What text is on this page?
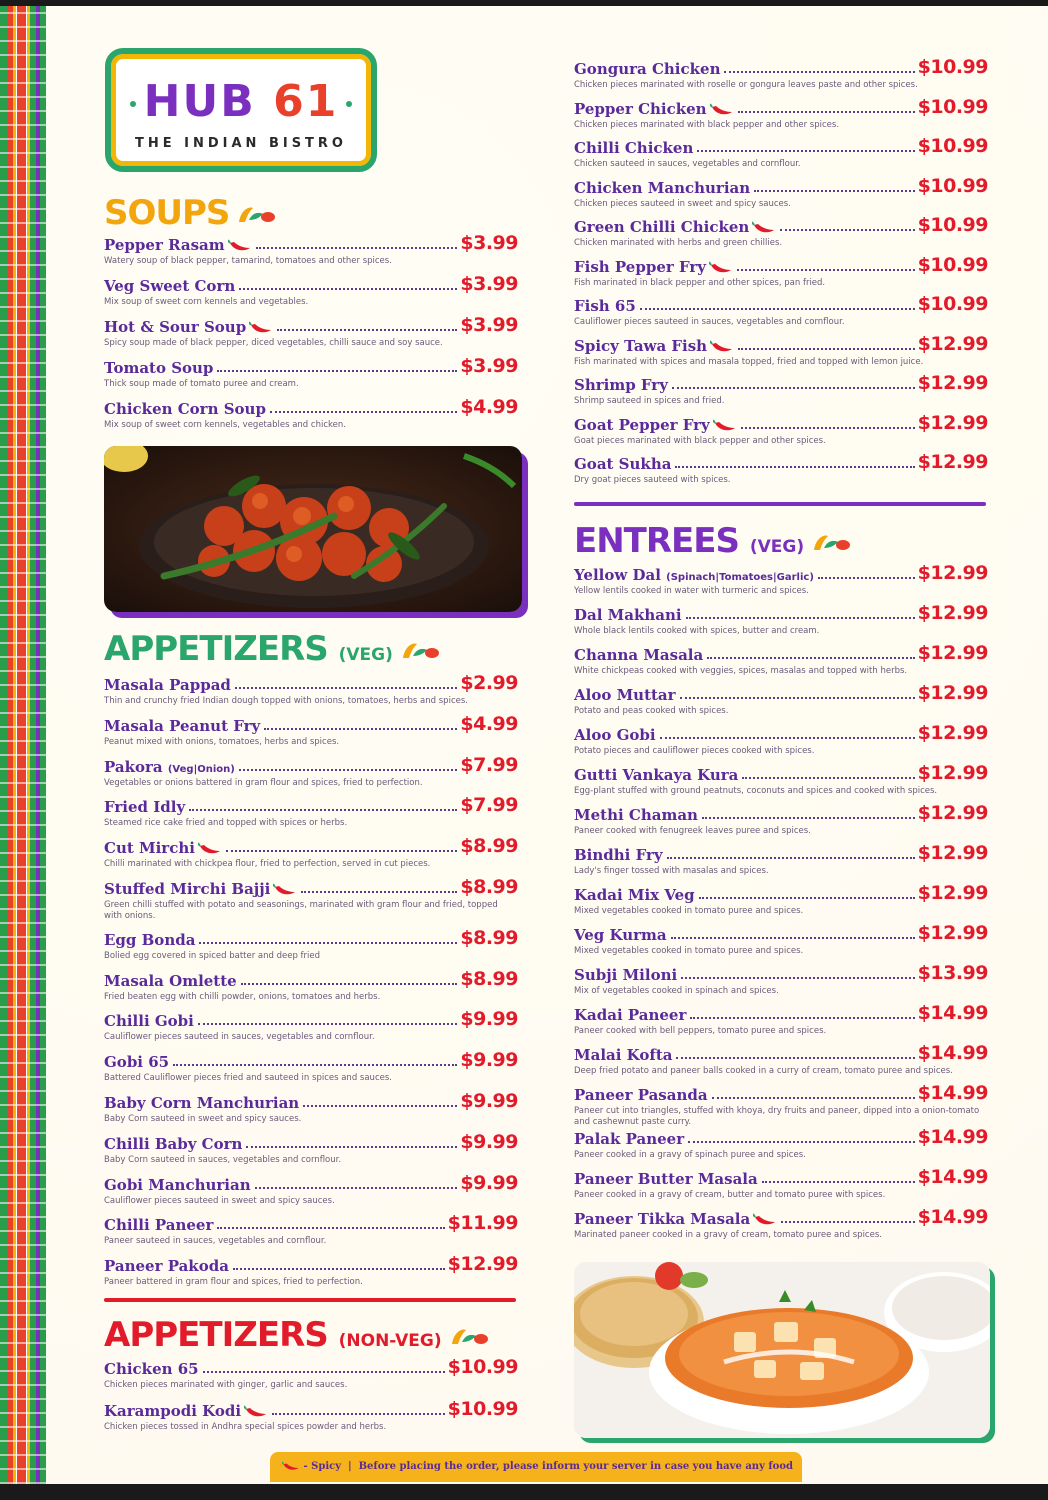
HUB 61
THE INDIAN BISTRO
SOUPS
APPETIZERS (VEG)
APPETIZERS (NON-VEG)
ENTREES (VEG)
Pepper Rasam	$3.99
Watery soup of black pepper, tamarind, tomatoes and other spices.
Veg Sweet Corn	$3.99
Mix soup of sweet corn kennels and vegetables.
Hot & Sour Soup	$3.99
Spicy soup made of black pepper, diced vegetables, chilli sauce and soy sauce.
Tomato Soup	$3.99
Thick soup made of tomato puree and cream.
Chicken Corn Soup	$4.99
Mix soup of sweet corn kennels, vegetables and chicken.
Masala Pappad	$2.99
Thin and crunchy fried Indian dough topped with onions, tomatoes, herbs and spices.
Masala Peanut Fry	$4.99
Peanut mixed with onions, tomatoes, herbs and spices.
Pakora (Veg|Onion)	$7.99
Vegetables or onions battered in gram flour and spices, fried to perfection.
Fried Idly	$7.99
Steamed rice cake fried and topped with spices or herbs.
Cut Mirchi	$8.99
Chilli marinated with chickpea flour, fried to perfection, served in cut pieces.
Stuffed Mirchi Bajji	$8.99
Green chilli stuffed with potato and seasonings, marinated with gram flour and fried, topped with onions.
Egg Bonda	$8.99
Bolied egg covered in spiced batter and deep fried
Masala Omlette	$8.99
Fried beaten egg with chilli powder, onions, tomatoes and herbs.
Chilli Gobi	$9.99
Cauliflower pieces sauteed in sauces, vegetables and cornflour.
Gobi 65	$9.99
Battered Cauliflower pieces fried and sauteed in spices and sauces.
Baby Corn Manchurian	$9.99
Baby Corn sauteed in sweet and spicy sauces.
Chilli Baby Corn	$9.99
Baby Corn sauteed in sauces, vegetables and cornflour.
Gobi Manchurian	$9.99
Cauliflower pieces sauteed in sweet and spicy sauces.
Chilli Paneer	$11.99
Paneer sauteed in sauces, vegetables and cornflour.
Paneer Pakoda	$12.99
Paneer battered in gram flour and spices, fried to perfection.
Chicken 65	$10.99
Chicken pieces marinated with ginger, garlic and sauces.
Karampodi Kodi	$10.99
Chicken pieces tossed in Andhra special spices powder and herbs.
Gongura Chicken	$10.99
Chicken pieces marinated with roselle or gongura leaves paste and other spices.
Pepper Chicken	$10.99
Chicken pieces marinated with black pepper and other spices.
Chilli Chicken	$10.99
Chicken sauteed in sauces, vegetables and cornflour.
Chicken Manchurian	$10.99
Chicken pieces sauteed in sweet and spicy sauces.
Green Chilli Chicken	$10.99
Chicken marinated with herbs and green chillies.
Fish Pepper Fry	$10.99
Fish marinated in black pepper and other spices, pan fried.
Fish 65	$10.99
Cauliflower pieces sauteed in sauces, vegetables and cornflour.
Spicy Tawa Fish	$12.99
Fish marinated with spices and masala topped, fried and topped with lemon juice.
Shrimp Fry	$12.99
Shrimp sauteed in spices and fried.
Goat Pepper Fry	$12.99
Goat pieces marinated with black pepper and other spices.
Goat Sukha	$12.99
Dry goat pieces sauteed with spices.
Yellow Dal (Spinach|Tomatoes|Garlic)	$12.99
Yellow lentils cooked in water with turmeric and spices.
Dal Makhani	$12.99
Whole black lentils cooked with spices, butter and cream.
Channa Masala	$12.99
White chickpeas cooked with veggies, spices, masalas and topped with herbs.
Aloo Muttar	$12.99
Potato and peas cooked with spices.
Aloo Gobi	$12.99
Potato pieces and cauliflower pieces cooked with spices.
Gutti Vankaya Kura	$12.99
Egg-plant stuffed with ground peatnuts, coconuts and spices and cooked with spices.
Methi Chaman	$12.99
Paneer cooked with fenugreek leaves puree and spices.
Bindhi Fry	$12.99
Lady's finger tossed with masalas and spices.
Kadai Mix Veg	$12.99
Mixed vegetables cooked in tomato puree and spices.
Veg Kurma	$12.99
Mixed vegetables cooked in tomato puree and spices.
Subji Miloni	$13.99
Mix of vegetables cooked in spinach and spices.
Kadai Paneer	$14.99
Paneer cooked with bell peppers, tomato puree and spices.
Malai Kofta	$14.99
Deep fried potato and paneer balls cooked in a curry of cream, tomato puree and spices.
Paneer Pasanda	$14.99
Paneer cut into triangles, stuffed with khoya, dry fruits and paneer, dipped into a onion-tomato and cashewnut paste curry.
Palak Paneer	$14.99
Paneer cooked in a gravy of spinach puree and spices.
Paneer Butter Masala	$14.99
Paneer cooked in a gravy of cream, butter and tomato puree with spices.
Paneer Tikka Masala	$14.99
Marinated paneer cooked in a gravy of cream, tomato puree and spices.
- Spicy  |  Before placing the order, please inform your server in case you have any food
